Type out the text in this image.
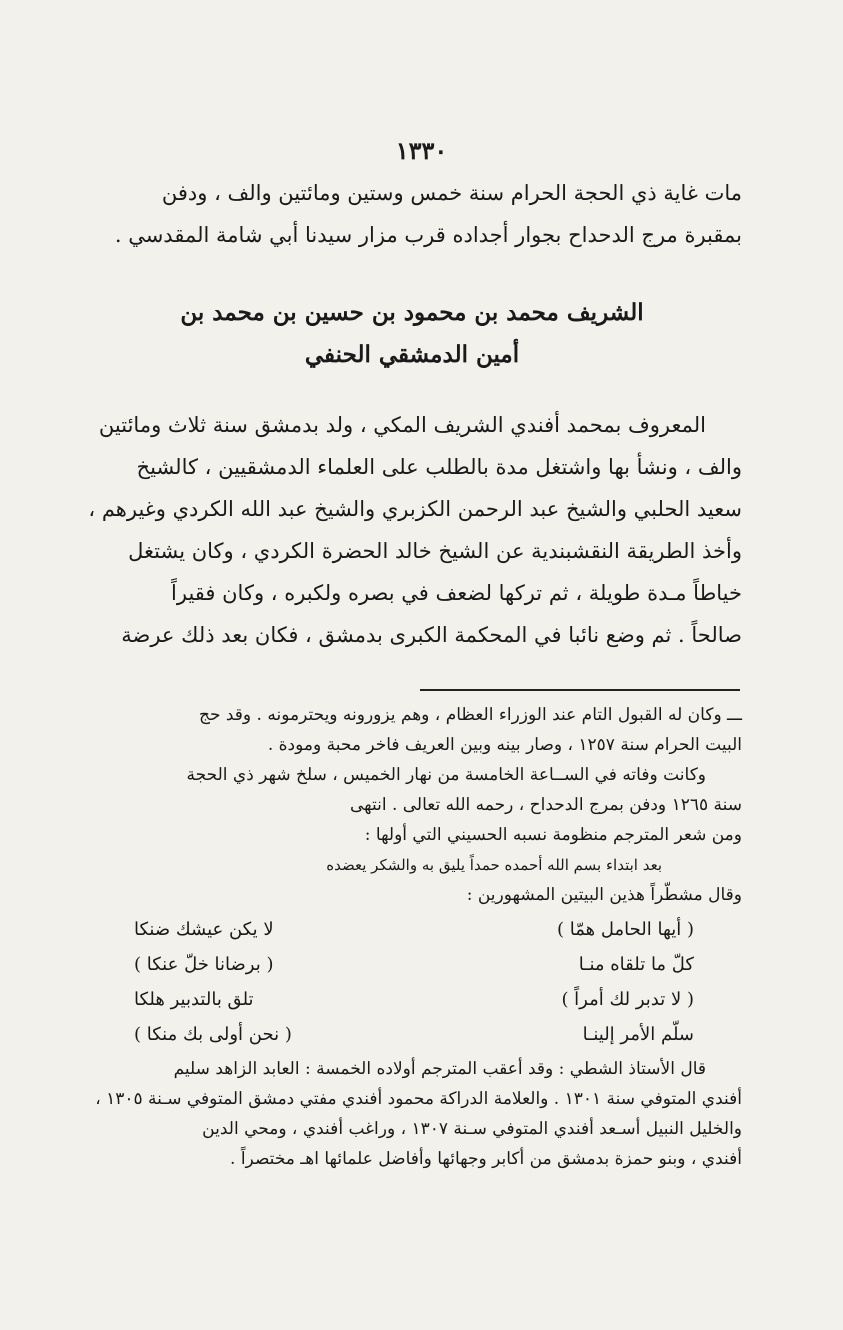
١٣٣٠
مات غاية ذي الحجة الحرام سنة خمس وستين ومائتين والف ، ودفن
بمقبرة مرج الدحداح بجوار أجداده قرب مزار سيدنا أبي شامة المقدسي .
الشريف محمد بن محمود بن حسين بن محمد بن
أمين الدمشقي الحنفي
المعروف بمحمد أفندي الشريف المكي ، ولد بدمشق سنة ثلاث ومائتين
والف ، ونشأ بها واشتغل مدة بالطلب على العلماء الدمشقيين ، كالشيخ
سعيد الحلبي والشيخ عبد الرحمن الكزبري والشيخ عبد الله الكردي وغيرهم ،
وأخذ الطريقة النقشبندية عن الشيخ خالد الحضرة الكردي ، وكان يشتغل
خياطاً مـدة طويلة ، ثم تركها لضعف في بصره ولكبره ، وكان فقيراً
صالحاً . ثم وضع نائبا في المحكمة الكبرى بدمشق ، فكان بعد ذلك عرضة
ـــ وكان له القبول التام عند الوزراء العظام ، وهم يزورونه ويحترمونه . وقد حج
البيت الحرام سنة ١٢٥٧ ، وصار بينه وبين العريف فاخر محبة ومودة .
وكانت وفاته في الســاعة الخامسة من نهار الخميس ، سلخ شهر ذي الحجة
سنة ١٢٦٥ ودفن بمرج الدحداح ، رحمه الله تعالى . انتهى
ومن شعر المترجم منظومة نسبه الحسيني التي أولها :
بعد ابتداء بسم الله أحمده حمداً يليق به والشكر يعضده
وقال مشطّراً هذين البيتين المشهورين :
( أيها الحامل همّا )
لا يكن عيشك ضنكا
كلّ ما تلقاه منـا
( برضانا خلّ عنكا )
( لا تدبر لك أمراً )
تلق بالتدبير هلكا
سلّم الأمر إلينـا
( نحن أولى بك منكا )
قال الأستاذ الشطي : وقد أعقب المترجم أولاده الخمسة : العابد الزاهد سليم
أفندي المتوفي سنة ١٣٠١ . والعلامة الدراكة محمود أفندي مفتي دمشق المتوفي سـنة ١٣٠٥ ،
والخليل النبيل أسـعد أفندي المتوفي سـنة ١٣٠٧ ، وراغب أفندي ، ومحي الدين
أفندي ، وبنو حمزة بدمشق من أكابر وجهائها وأفاضل علمائها اهـ مختصراً .
